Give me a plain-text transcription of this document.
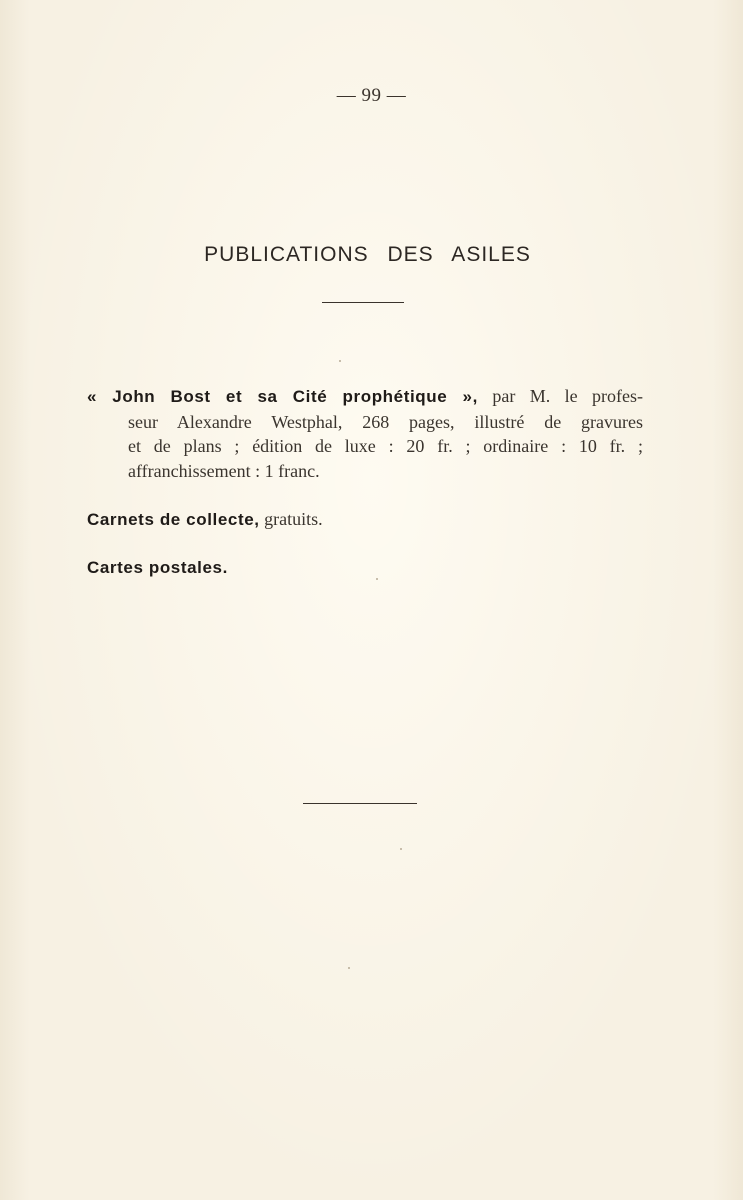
— 99 —
PUBLICATIONS DES ASILES
« John Bost et sa Cité prophétique », par M. le profes-
seur Alexandre Westphal, 268 pages, illustré de gravures
et de plans ; édition de luxe : 20 fr. ; ordinaire : 10 fr. ;
affranchissement : 1 franc.
Carnets de collecte, gratuits.
Cartes postales.
